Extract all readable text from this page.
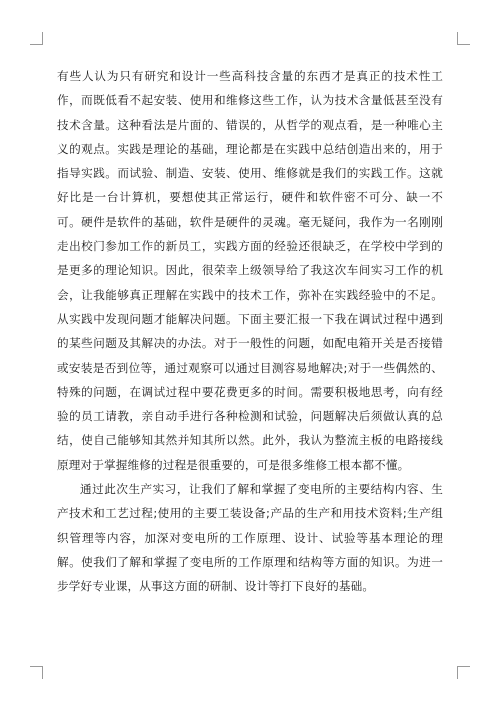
有些人认为只有研究和设计一些高科技含量的东西才是真正的技术性工作，而既低看不起安装、使用和维修这些工作，认为技术含量低甚至没有技术含量。这种看法是片面的、错误的，从哲学的观点看，是一种唯心主义的观点。实践是理论的基础，理论都是在实践中总结创造出来的，用于指导实践。而试验、制造、安装、使用、维修就是我们的实践工作。这就好比是一台计算机，要想使其正常运行，硬件和软件密不可分、缺一不可。硬件是软件的基础，软件是硬件的灵魂。毫无疑问，我作为一名刚刚走出校门参加工作的新员工，实践方面的经验还很缺乏，在学校中学到的是更多的理论知识。因此，很荣幸上级领导给了我这次车间实习工作的机会，让我能够真正理解在实践中的技术工作，弥补在实践经验中的不足。从实践中发现问题才能解决问题。下面主要汇报一下我在调试过程中遇到的某些问题及其解决的办法。对于一般性的问题，如配电箱开关是否接错或安装是否到位等，通过观察可以通过目测容易地解决;对于一些偶然的、特殊的问题，在调试过程中要花费更多的时间。需要积极地思考，向有经验的员工请教，亲自动手进行各种检测和试验，问题解决后须做认真的总结，使自己能够知其然并知其所以然。此外，我认为整流主板的电路接线原理对于掌握维修的过程是很重要的，可是很多维修工根本都不懂。

通过此次生产实习，让我们了解和掌握了变电所的主要结构内容、生产技术和工艺过程;使用的主要工装设备;产品的生产和用技术资料;生产组织管理等内容，加深对变电所的工作原理、设计、试验等基本理论的理解。使我们了解和掌握了变电所的工作原理和结构等方面的知识。为进一步学好专业课，从事这方面的研制、设计等打下良好的基础。
